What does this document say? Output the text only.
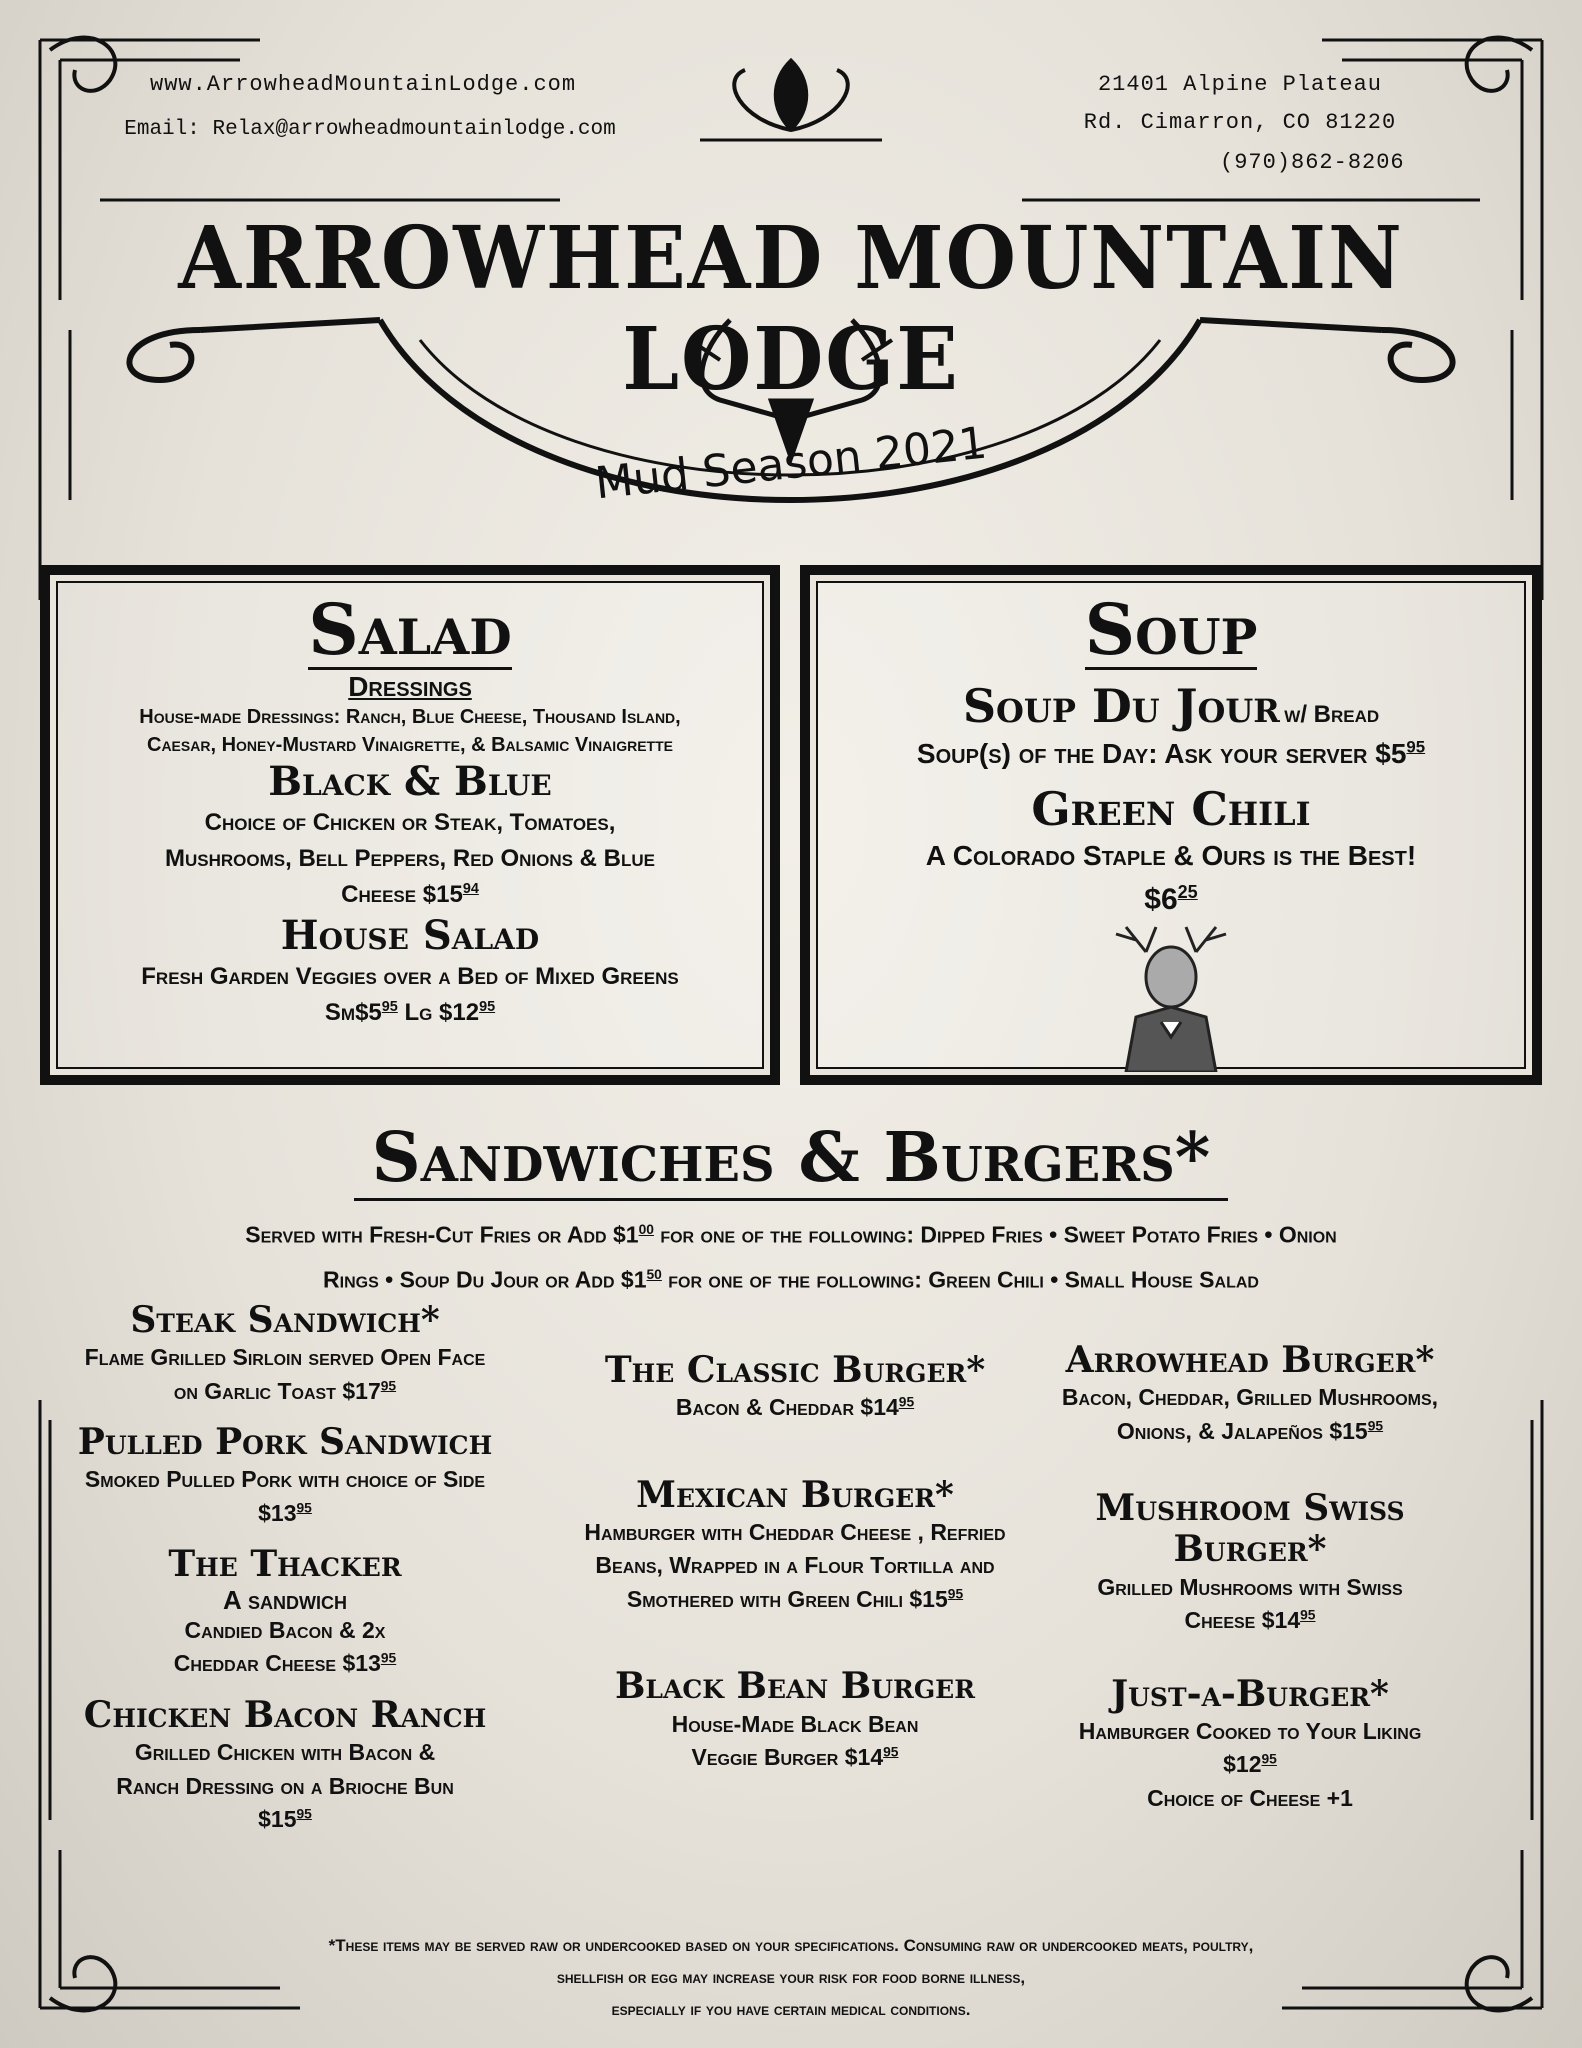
www.ArrowheadMountainLodge.com
Email: Relax@arrowheadmountainlodge.com
21401 Alpine Plateau
Rd. Cimarron, CO 81220
(970)862-8206
ARROWHEAD MOUNTAIN LODGE
Mud Season 2021
Salad
Dressings
House-made Dressings: Ranch, Blue Cheese, Thousand Island, Caesar, Honey-Mustard Vinaigrette, & Balsamic Vinaigrette
Black & Blue
Choice of Chicken or Steak, Tomatoes, Mushrooms, Bell Peppers, Red Onions & Blue Cheese $\$15^{94}$
House Salad
Fresh Garden Veggies over a Bed of Mixed Greens $Sm\$5^{95}$ Lg $\$12^{95}$
Soup
Soup Du Jour w/ Bread
Soup(s) of the Day: Ask your server $\$5^{95}$
Green Chili
A Colorado Staple & Ours is the Best!
$\$6^{25}$
Sandwiches & Burgers*
Served with Fresh-Cut Fries or Add $\$1^{00}$ for one of the following: Dipped Fries • Sweet Potato Fries • Onion
Rings • Soup Du Jour or Add $\$1^{50}$ for one of the following: Green Chili • Small House Salad
Steak Sandwich*
Flame Grilled Sirloin served Open Face on Garlic Toast $\$17^{95}$
Pulled Pork Sandwich
Smoked Pulled Pork with choice of Side $\$13^{95}$
The Thacker
A sandwich
Candied Bacon & 2x Cheddar Cheese $\$13^{95}$
Chicken Bacon Ranch
Grilled Chicken with Bacon & Ranch Dressing on a Brioche Bun $\$15^{95}$
The Classic Burger*
Bacon & Cheddar $\$14^{95}$
Mexican Burger*
Hamburger with Cheddar Cheese , Refried Beans, Wrapped in a Flour Tortilla and Smothered with Green Chili $\$15^{95}$
Black Bean Burger
House-Made Black Bean Veggie Burger $\$14^{95}$
Arrowhead Burger*
Bacon, Cheddar, Grilled Mushrooms, Onions, & Jalapeños $\$15^{95}$
Mushroom Swiss Burger*
Grilled Mushrooms with Swiss Cheese $\$14^{95}$
Just-a-Burger*
Hamburger Cooked to Your Liking
$\$12^{95}$
Choice of Cheese +1
*These items may be served raw or undercooked based on your specifications. Consuming raw or undercooked meats, poultry,
shellfish or egg may increase your risk for food borne illness,
especially if you have certain medical conditions.
